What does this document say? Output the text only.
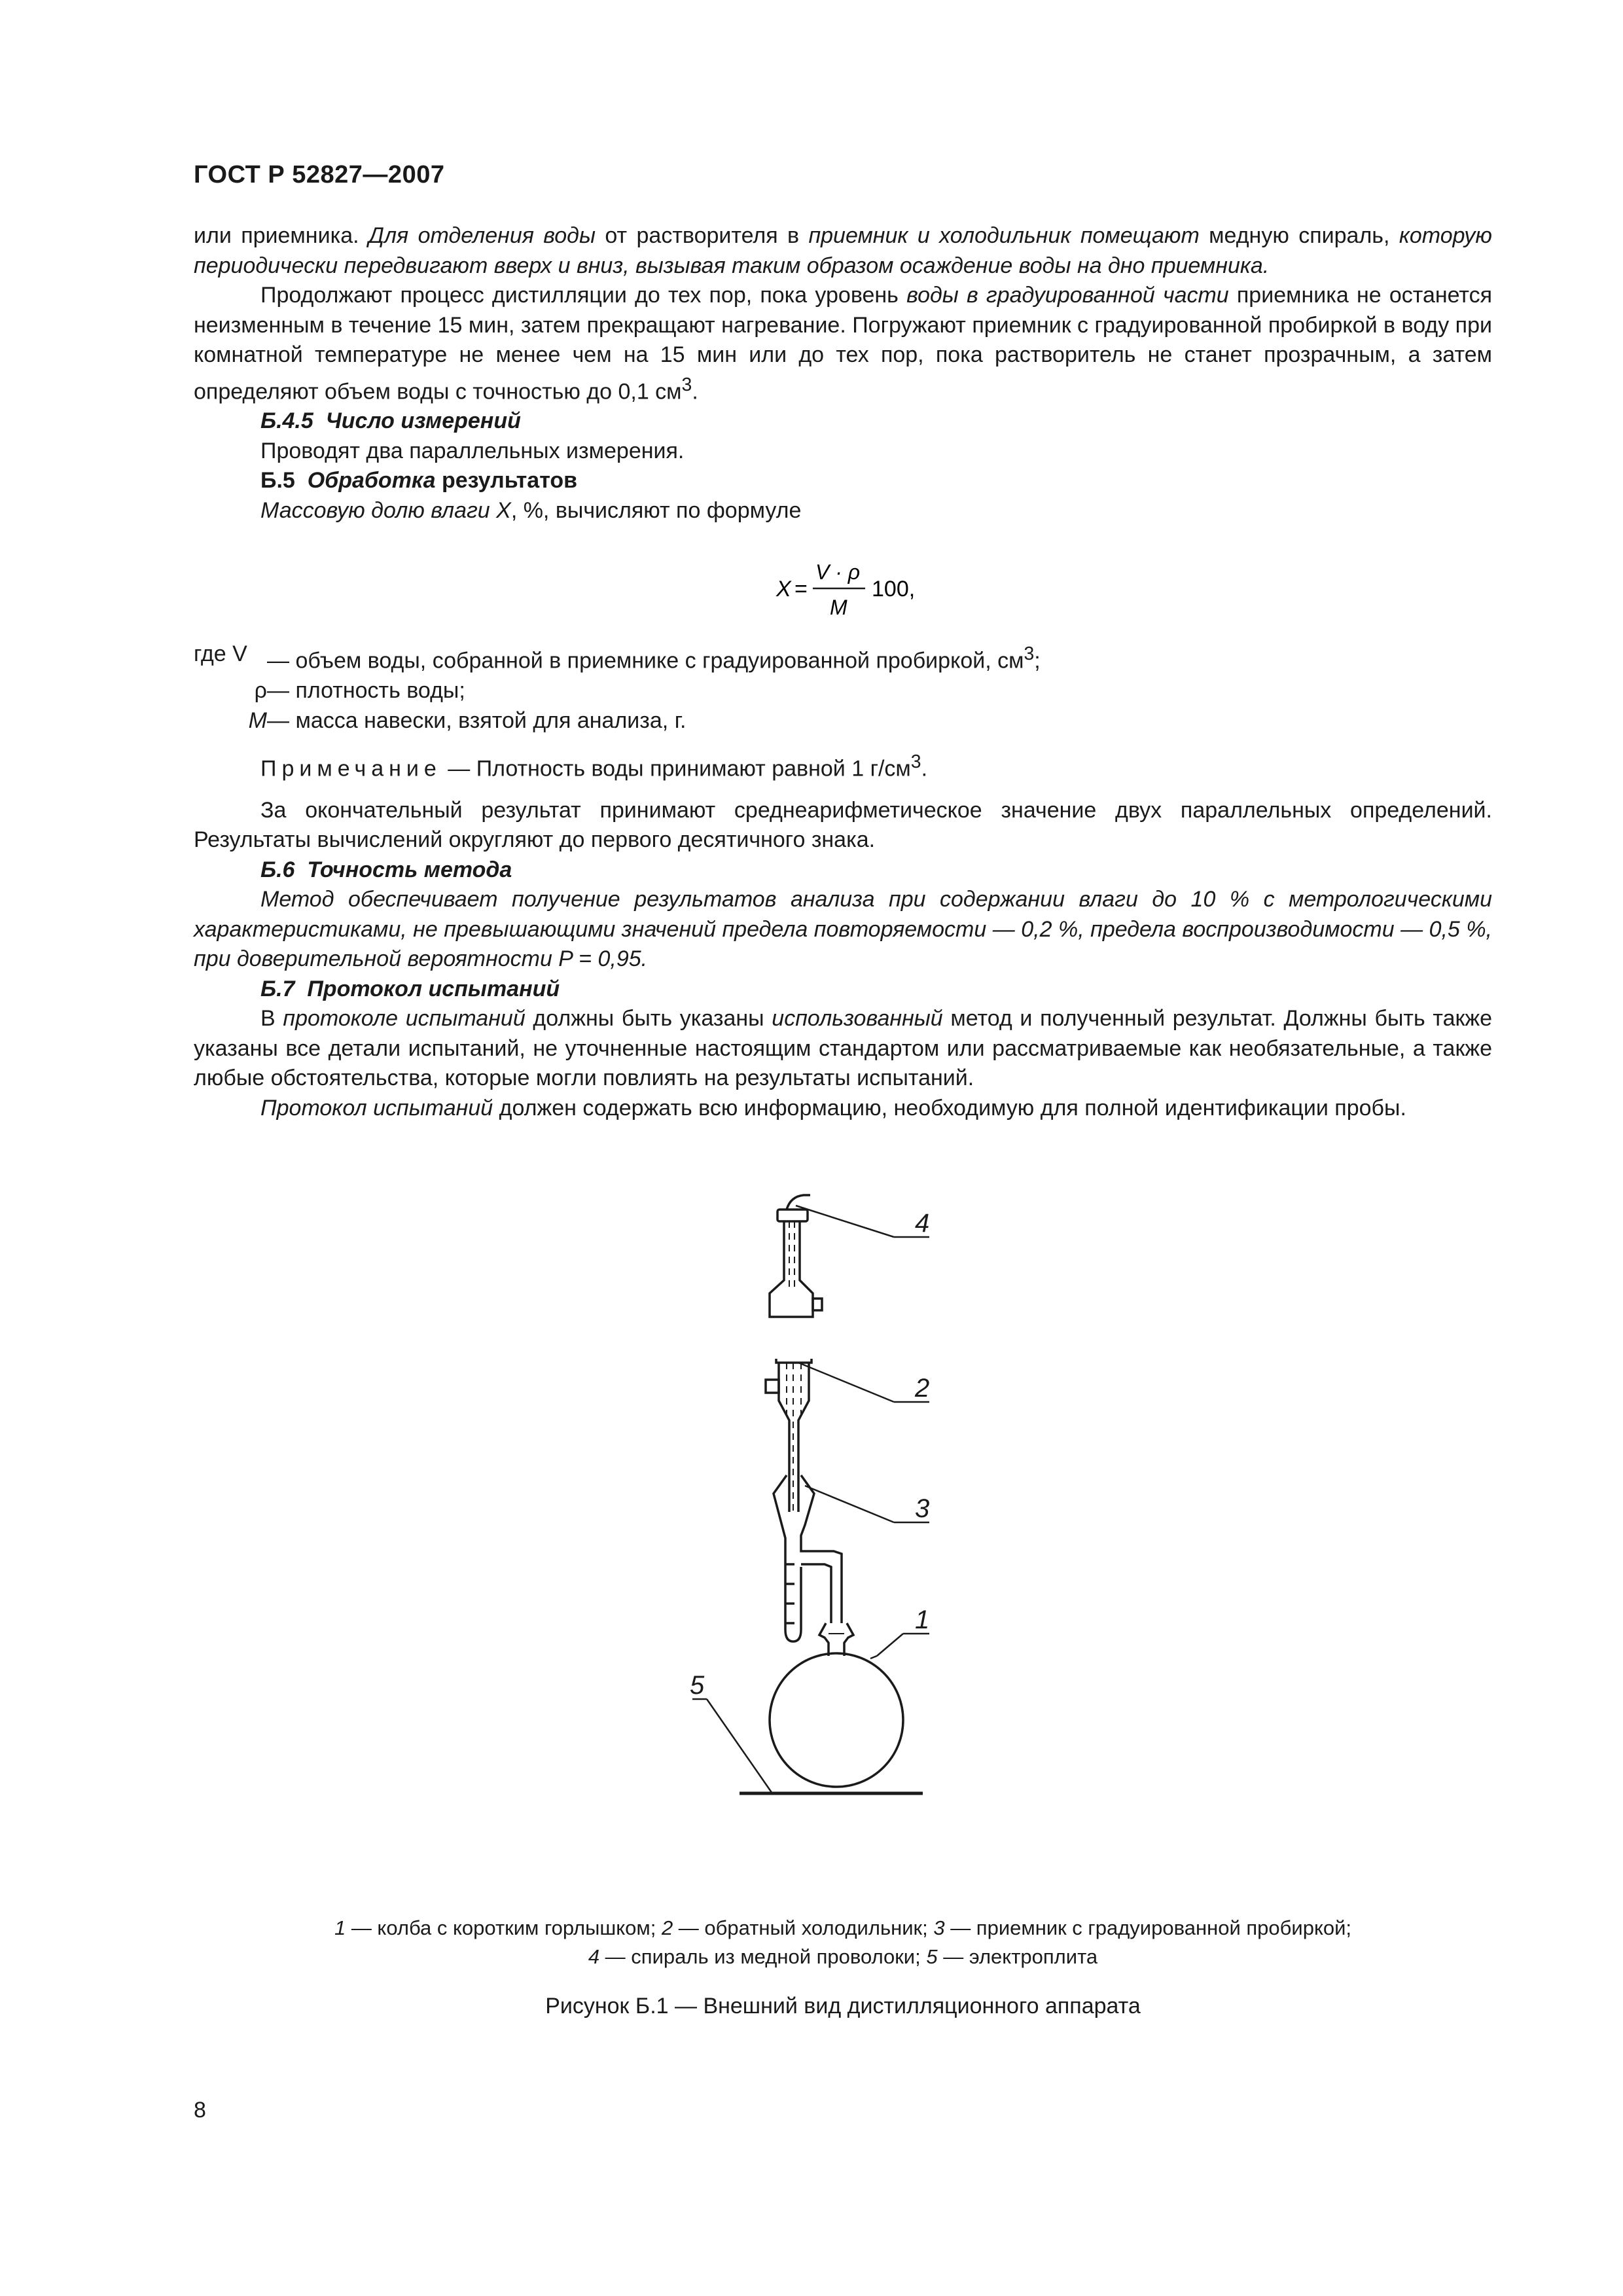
ГОСТ Р 52827—2007

или приемника. Для отделения воды от растворителя в приемник и холодильник помещают медную спираль, которую периодически передвигают вверх и вниз, вызывая таким образом осаждение воды на дно приемника.

Продолжают процесс дистилляции до тех пор, пока уровень воды в градуированной части приемника не останется неизменным в течение 15 мин, затем прекращают нагревание. Погружают приемник с градуированной пробиркой в воду при комнатной температуре не менее чем на 15 мин или до тех пор, пока растворитель не станет прозрачным, а затем определяют объем воды с точностью до 0,1 $см^3$.

Б.4.5 Число измерений

Проводят два параллельных измерения.

Б.5 Обработка результатов

Массовую долю влаги X, %, вычисляют по формуле

X =
V · ρ
M
100,
где V — объем воды, собранной в приемнике с градуированной пробиркой, $см^3$;
ρ — плотность воды;
M — масса навески, взятой для анализа, г.

Примечание — Плотность воды принимают равной 1 $г/см^3$.

За окончательный результат принимают среднеарифметическое значение двух параллельных определений. Результаты вычислений округляют до первого десятичного знака.

Б.6 Точность метода

Метод обеспечивает получение результатов анализа при содержании влаги до 10 % с метрологическими характеристиками, не превышающими значений предела повторяемости — 0,2 %, предела воспроизводимости — 0,5 %, при доверительной вероятности P = 0,95.

Б.7 Протокол испытаний

В протоколе испытаний должны быть указаны использованный метод и полученный результат. Должны быть также указаны все детали испытаний, не уточненные настоящим стандартом или рассматриваемые как необязательные, а также любые обстоятельства, которые могли повлиять на результаты испытаний.

Протокол испытаний должен содержать всю информацию, необходимую для полной идентификации пробы.

4
2
3
1
5
1 — колба с коротким горлышком; 2 — обратный холодильник; 3 — приемник с градуированной пробиркой;
4 — спираль из медной проволоки; 5 — электроплита
Рисунок Б.1 — Внешний вид дистилляционного аппарата
8
